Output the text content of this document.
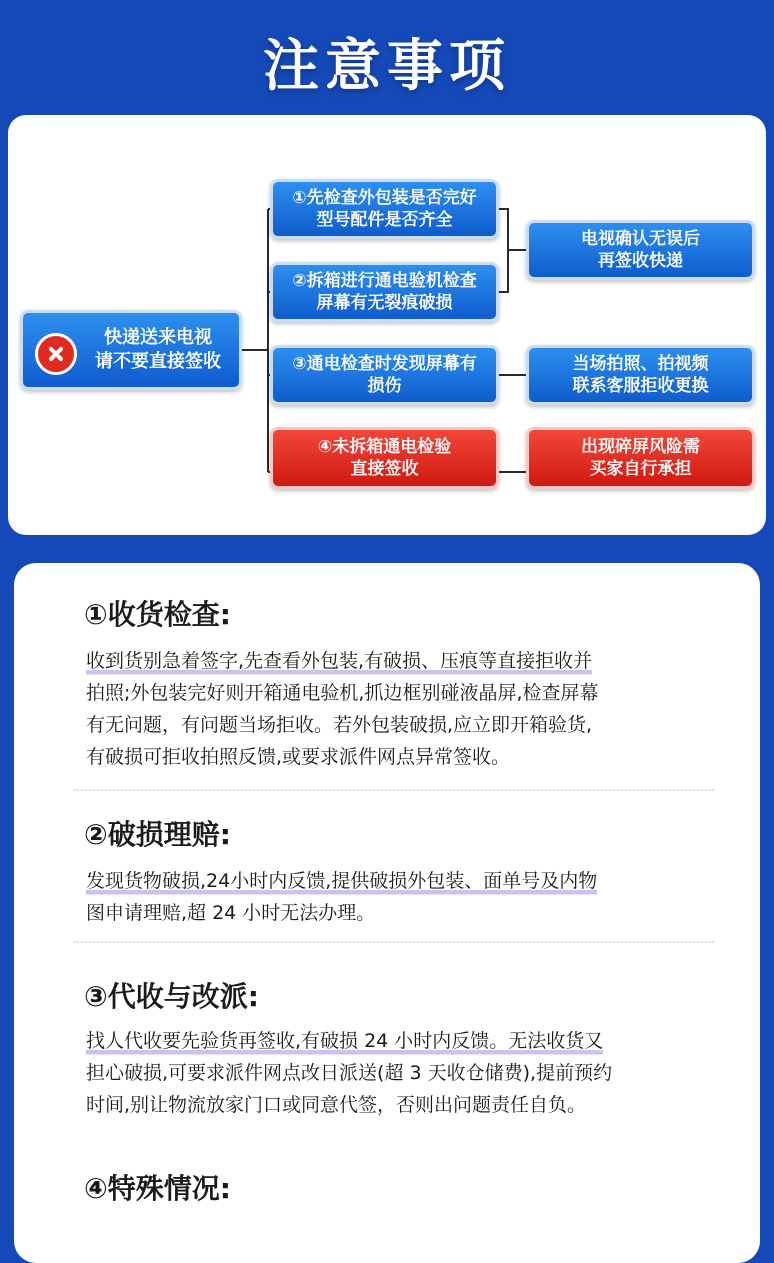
注意事项
快递送来电视
请不要直接签收
①先检查外包装是否完好
型号配件是否齐全
②拆箱进行通电验机检查
屏幕有无裂痕破损
③通电检查时发现屏幕有
损伤
④未拆箱通电检验
直接签收
电视确认无误后
再签收快递
当场拍照、拍视频
联系客服拒收更换
出现碎屏风险需
买家自行承担
①收货检查:
收到货别急着签字,先查看外包装,有破损、压痕等直接拒收并
拍照;外包装完好则开箱通电验机,抓边框别碰液晶屏,检查屏幕
有无问题，有问题当场拒收。若外包装破损,应立即开箱验货,
有破损可拒收拍照反馈,或要求派件网点异常签收。
②破损理赔:
发现货物破损,24小时内反馈,提供破损外包装、面单号及内物
图申请理赔,超 24 小时无法办理。
③代收与改派:
找人代收要先验货再签收,有破损 24 小时内反馈。无法收货又
担心破损,可要求派件网点改日派送(超 3 天收仓储费),提前预约
时间,别让物流放家门口或同意代签，否则出问题责任自负。
④特殊情况:
